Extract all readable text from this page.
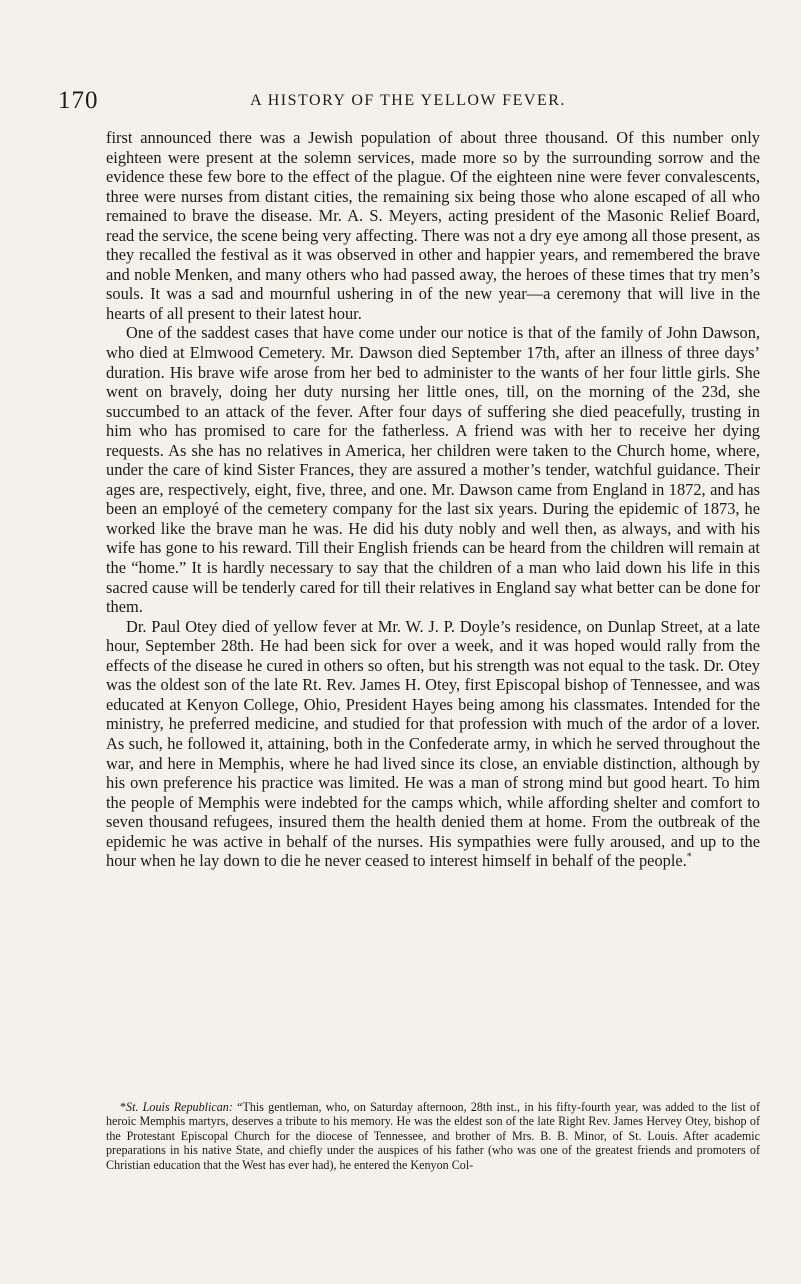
170	A HISTORY OF THE YELLOW FEVER.

first announced there was a Jewish population of about three thousand. Of this number only eighteen were present at the solemn services, made more so by the surrounding sorrow and the evidence these few bore to the effect of the plague. Of the eighteen nine were fever convalescents, three were nurses from distant cities, the remaining six being those who alone escaped of all who remained to brave the disease. Mr. A. S. Meyers, acting president of the Masonic Relief Board, read the service, the scene being very affecting. There was not a dry eye among all those present, as they recalled the festival as it was observed in other and happier years, and remembered the brave and noble Menken, and many others who had passed away, the heroes of these times that try men’s souls. It was a sad and mournful ushering in of the new year—a ceremony that will live in the hearts of all present to their latest hour.

One of the saddest cases that have come under our notice is that of the family of John Dawson, who died at Elmwood Cemetery. Mr. Dawson died September 17th, after an illness of three days’ duration. His brave wife arose from her bed to administer to the wants of her four little girls. She went on bravely, doing her duty nursing her little ones, till, on the morning of the 23d, she succumbed to an attack of the fever. After four days of suffering she died peacefully, trusting in him who has promised to care for the fatherless. A friend was with her to receive her dying requests. As she has no relatives in America, her children were taken to the Church home, where, under the care of kind Sister Frances, they are assured a mother’s tender, watchful guidance. Their ages are, respectively, eight, five, three, and one. Mr. Dawson came from England in 1872, and has been an employé of the cemetery company for the last six years. During the epidemic of 1873, he worked like the brave man he was. He did his duty nobly and well then, as always, and with his wife has gone to his reward. Till their English friends can be heard from the children will remain at the “home.” It is hardly necessary to say that the children of a man who laid down his life in this sacred cause will be tenderly cared for till their relatives in England say what better can be done for them.

Dr. Paul Otey died of yellow fever at Mr. W. J. P. Doyle’s residence, on Dunlap Street, at a late hour, September 28th. He had been sick for over a week, and it was hoped would rally from the effects of the disease he cured in others so often, but his strength was not equal to the task. Dr. Otey was the oldest son of the late Rt. Rev. James H. Otey, first Episcopal bishop of Tennessee, and was educated at Kenyon College, Ohio, President Hayes being among his classmates. Intended for the ministry, he preferred medicine, and studied for that profession with much of the ardor of a lover. As such, he followed it, attaining, both in the Confederate army, in which he served throughout the war, and here in Memphis, where he had lived since its close, an enviable distinction, although by his own preference his practice was limited. He was a man of strong mind but good heart. To him the people of Memphis were indebted for the camps which, while affording shelter and comfort to seven thousand refugees, insured them the health denied them at home. From the outbreak of the epidemic he was active in behalf of the nurses. His sympathies were fully aroused, and up to the hour when he lay down to die he never ceased to interest himself in behalf of the people.*

*St. Louis Republican: “This gentleman, who, on Saturday afternoon, 28th inst., in his fifty-fourth year, was added to the list of heroic Memphis martyrs, deserves a tribute to his memory. He was the eldest son of the late Right Rev. James Hervey Otey, bishop of the Protestant Episcopal Church for the diocese of Tennessee, and brother of Mrs. B. B. Minor, of St. Louis. After academic preparations in his native State, and chiefly under the auspices of his father (who was one of the greatest friends and promoters of Christian education that the West has ever had), he entered the Kenyon Col-
